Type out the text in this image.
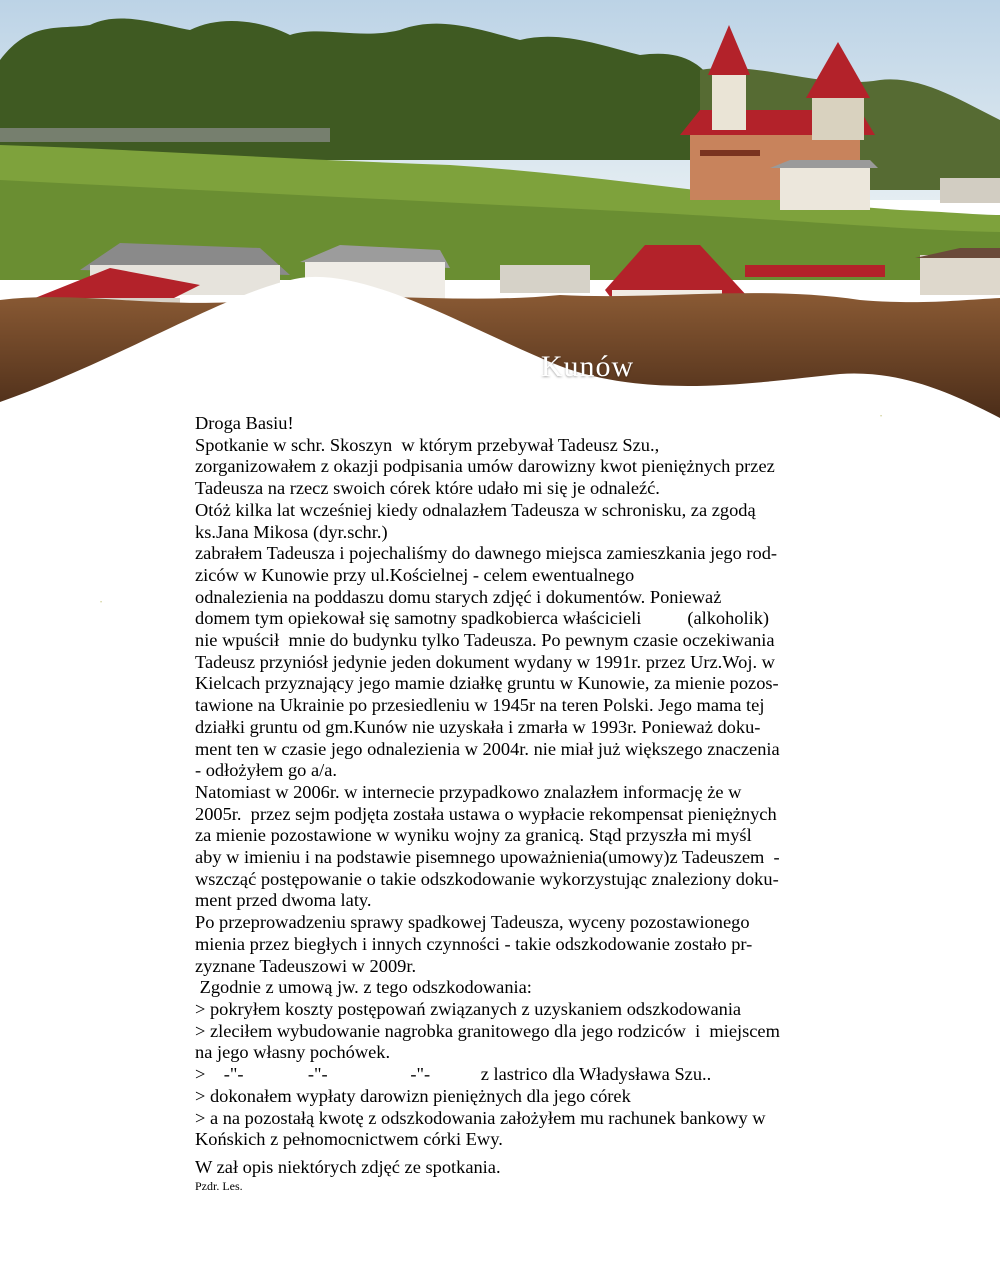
Kunów
•
•
Droga Basiu!
Spotkanie w schr. Skoszyn  w którym przebywał Tadeusz Szu.,
zorganizowałem z okazji podpisania umów darowizny kwot pieniężnych przez
Tadeusza na rzecz swoich córek które udało mi się je odnaleźć.
Otóż kilka lat wcześniej kiedy odnalazłem Tadeusza w schronisku, za zgodą
ks.Jana Mikosa (dyr.schr.)
zabrałem Tadeusza i pojechaliśmy do dawnego miejsca zamieszkania jego rod-
ziców w Kunowie przy ul.Kościelnej - celem ewentualnego
odnalezienia na poddaszu domu starych zdjęć i dokumentów. Ponieważ
domem tym opiekował się samotny spadkobierca właścicieli          (alkoholik)
nie wpuścił  mnie do budynku tylko Tadeusza. Po pewnym czasie oczekiwania
Tadeusz przyniósł jedynie jeden dokument wydany w 1991r. przez Urz.Woj. w
Kielcach przyznający jego mamie działkę gruntu w Kunowie, za mienie pozos-
tawione na Ukrainie po przesiedleniu w 1945r na teren Polski. Jego mama tej
działki gruntu od gm.Kunów nie uzyskała i zmarła w 1993r. Ponieważ doku-
ment ten w czasie jego odnalezienia w 2004r. nie miał już większego znaczenia
- odłożyłem go a/a.
Natomiast w 2006r. w internecie przypadkowo znalazłem informację że w
2005r.  przez sejm podjęta została ustawa o wypłacie rekompensat pieniężnych
za mienie pozostawione w wyniku wojny za granicą. Stąd przyszła mi myśl
aby w imieniu i na podstawie pisemnego upoważnienia(umowy)z Tadeuszem  -
wszcząć postępowanie o takie odszkodowanie wykorzystując znaleziony doku-
ment przed dwoma laty.
Po przeprowadzeniu sprawy spadkowej Tadeusza, wyceny pozostawionego
mienia przez biegłych i innych czynności - takie odszkodowanie zostało pr-
zyznane Tadeuszowi w 2009r.
Zgodnie z umową jw. z tego odszkodowania:
> pokryłem koszty postępowań związanych z uzyskaniem odszkodowania
> zleciłem wybudowanie nagrobka granitowego dla jego rodziców  i  miejscem
na jego własny pochówek.
>    -"-              -"-                  -"-           z lastrico dla Władysława Szu..
> dokonałem wypłaty darowizn pieniężnych dla jego córek
> a na pozostałą kwotę z odszkodowania założyłem mu rachunek bankowy w
Końskich z pełnomocnictwem córki Ewy.
W zał opis niektórych zdjęć ze spotkania.
Pzdr. Les.
